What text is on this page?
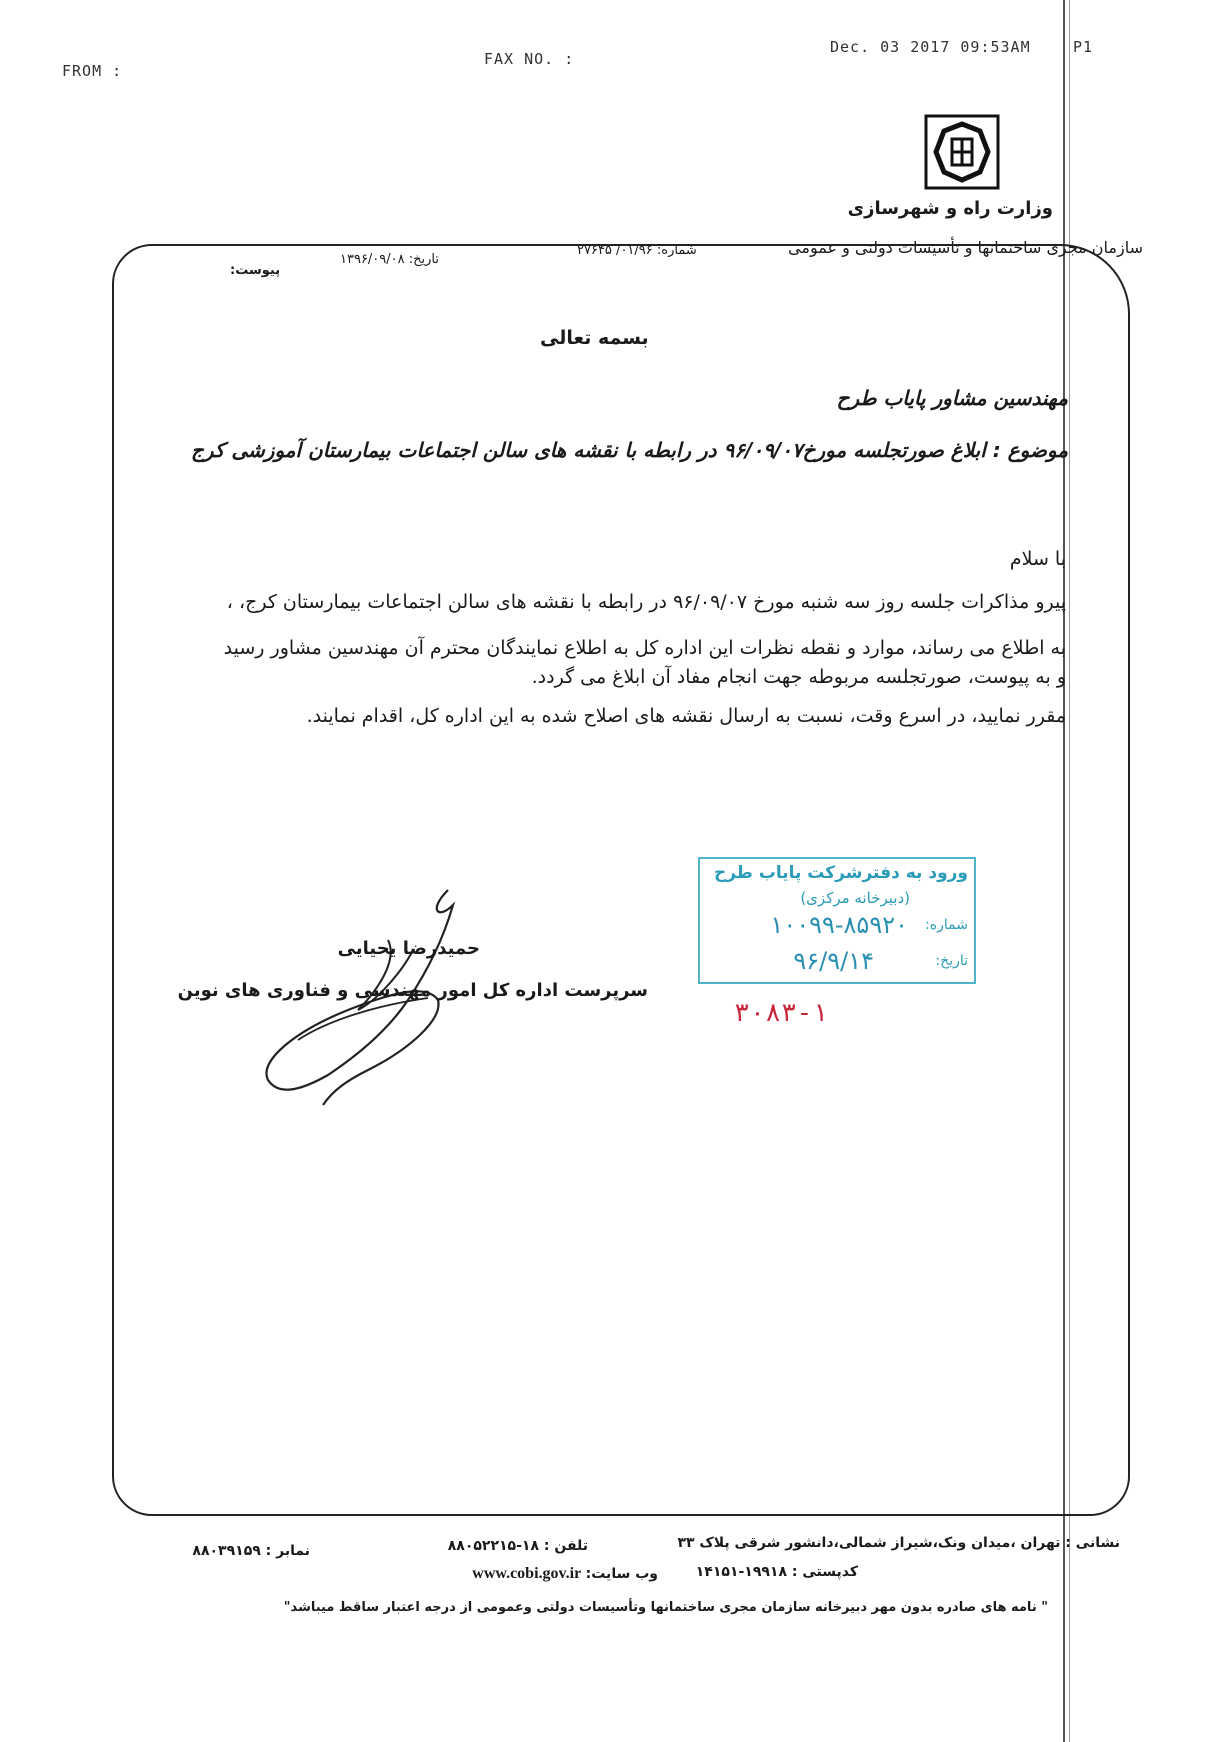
FROM :
FAX NO. :
Dec. 03 2017 09:53AM	P1
وزارت راه و شهرسازی
سازمان مجری ساختمانها و تأسیسات دولتی و عمومی
شماره: ۰۱/۹۶/ ۲۷۶۴۵
تاریخ: ۱۳۹۶/۰۹/۰۸
پیوست:
بسمه تعالی
مهندسین مشاور پایاب طرح
موضوع : ابلاغ صورتجلسه مورخ۹۶/۰۹/۰۷ در رابطه با نقشه های سالن اجتماعات بیمارستان آموزشی کرج
با سلام
پیرو مذاکرات جلسه روز سه شنبه مورخ ۹۶/۰۹/۰۷ در رابطه با نقشه های سالن اجتماعات بیمارستان کرج، ،
به اطلاع می رساند، موارد و نقطه نظرات این اداره کل به اطلاع نمایندگان محترم آن مهندسین مشاور رسید
و به پیوست، صورتجلسه مربوطه جهت انجام مفاد آن ابلاغ می گردد.
مقرر نمایید، در اسرع وقت، نسبت به ارسال نقشه های اصلاح شده به این اداره کل، اقدام نمایند.
ورود به دفترشرکت پایاب طرح
(دبیرخانه مرکزی)
شماره:
تاریخ:
۱۰۰۹۹-۸۵۹۲۰
۹۶/۹/۱۴
۳۰۸۳-۱
حمیدرضا یحیایی
سرپرست اداره کل امور مهندسی و فناوری های نوین
نشانی : تهران ،میدان ونک،شیراز شمالی،دانشور شرقی پلاک ۳۳
تلفن : ۱۸-۸۸۰۵۲۲۱۵
نمابر : ۸۸۰۳۹۱۵۹
کدپستی : ۱۹۹۱۸-۱۴۱۵۱
وب سایت: www.cobi.gov.ir
" نامه های صادره بدون مهر دبیرخانه سازمان مجری ساختمانها وتأسیسات دولتی وعمومی از درجه اعتبار ساقط میباشد"
